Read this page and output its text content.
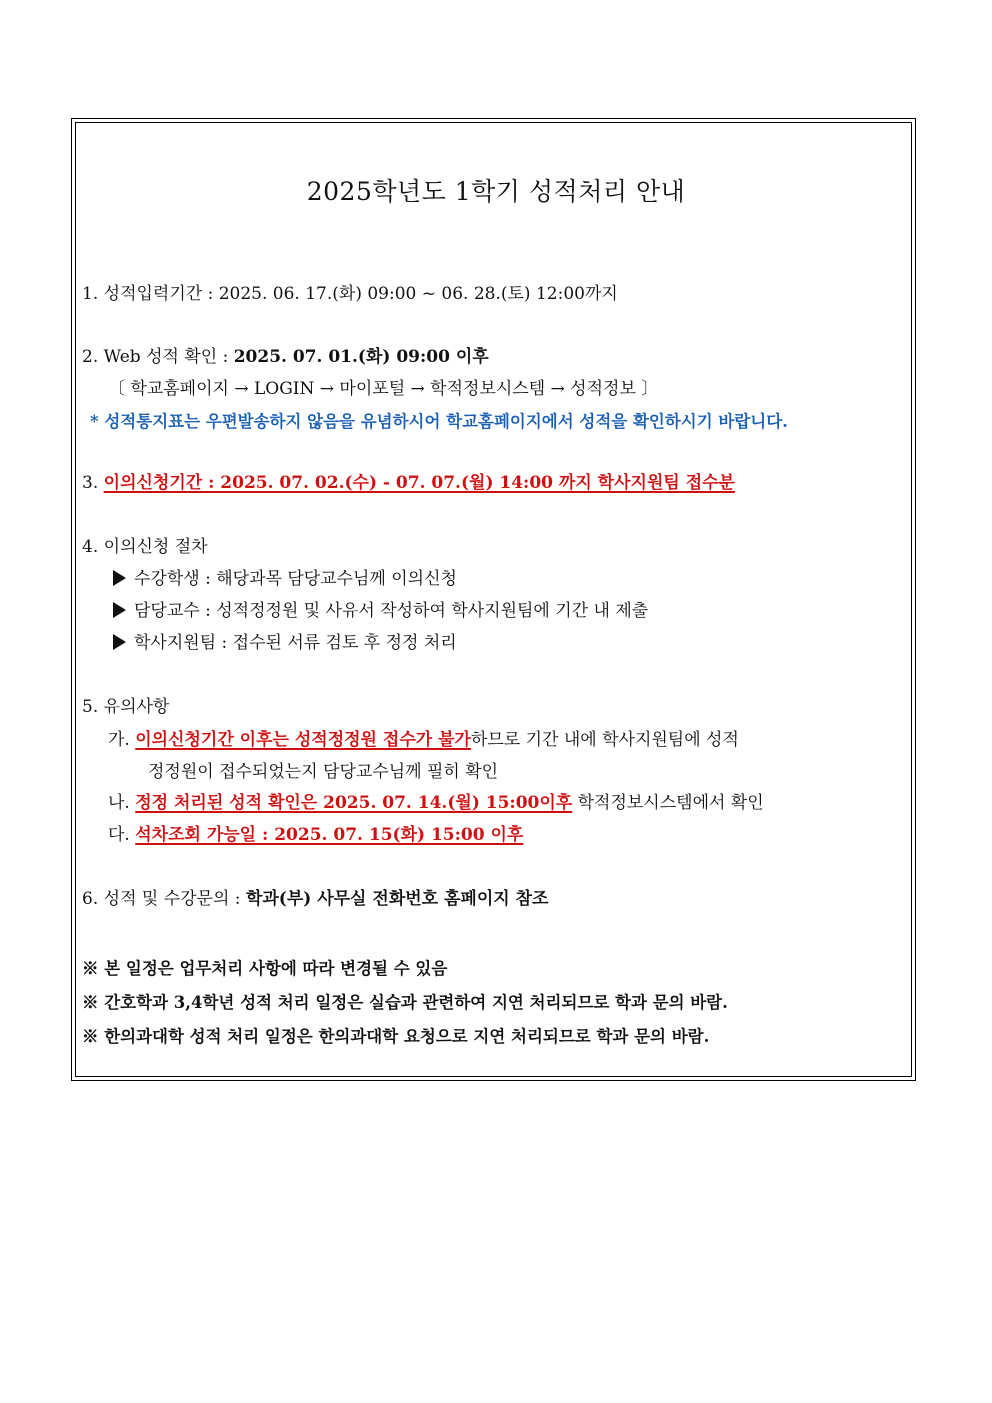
2025학년도 1학기 성적처리 안내
1. 성적입력기간 : 2025. 06. 17.(화) 09:00 ~ 06. 28.(토) 12:00까지
2. Web 성적 확인 : 2025. 07. 01.(화) 09:00 이후
〔 학교홈페이지 → LOGIN → 마이포털 → 학적정보시스템 → 성적정보 〕
* 성적통지표는 우편발송하지 않음을 유념하시어 학교홈페이지에서 성적을 확인하시기 바랍니다.
3. 이의신청기간 : 2025. 07. 02.(수) - 07. 07.(월) 14:00 까지 학사지원팀 접수분
4. 이의신청 절차
수강학생 : 해당과목 담당교수님께 이의신청
담당교수 : 성적정정원 및 사유서 작성하여 학사지원팀에 기간 내 제출
학사지원팀 : 접수된 서류 검토 후 정정 처리
5. 유의사항
가. 이의신청기간 이후는 성적정정원 접수가 불가하므로 기간 내에 학사지원팀에 성적
정정원이 접수되었는지 담당교수님께 필히 확인
나. 정정 처리된 성적 확인은 2025. 07. 14.(월) 15:00이후 학적정보시스템에서 확인
다. 석차조회 가능일 : 2025. 07. 15(화) 15:00 이후
6. 성적 및 수강문의 : 학과(부) 사무실 전화번호 홈페이지 참조
※ 본 일정은 업무처리 사항에 따라 변경될 수 있음
※ 간호학과 3,4학년 성적 처리 일정은 실습과 관련하여 지연 처리되므로 학과 문의 바람.
※ 한의과대학 성적 처리 일정은 한의과대학 요청으로 지연 처리되므로 학과 문의 바람.
